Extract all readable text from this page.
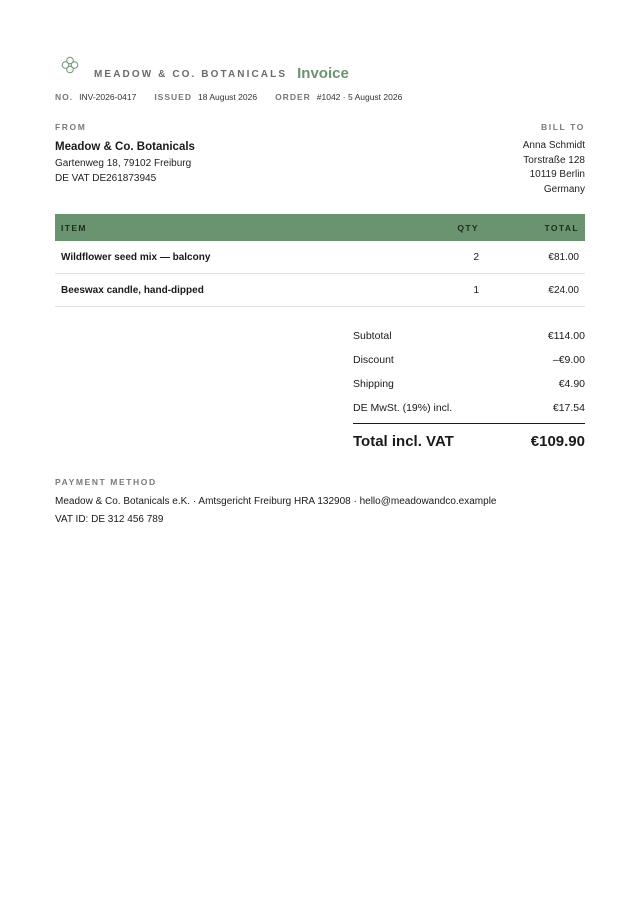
MEADOW & CO. BOTANICALS Invoice
NO. INV-2026-0417 ISSUED 18 August 2026 ORDER #1042 · 5 August 2026
FROM
Meadow & Co. Botanicals
Gartenweg 18, 79102 Freiburg
DE VAT DE261873945
BILL TO
Anna Schmidt
Torstraße 128
10119 Berlin
Germany
ITEM	QTY	TOTAL
Wildflower seed mix — balcony	2	€81.00
Beeswax candle, hand-dipped	1	€24.00
Subtotal	€114.00
Discount	–€9.00
Shipping	€4.90
DE MwSt. (19%) incl.	€17.54
Total incl. VAT	€109.90
PAYMENT METHOD
Meadow & Co. Botanicals e.K. · Amtsgericht Freiburg HRA 132908 · hello@meadowandco.example
VAT ID: DE 312 456 789
